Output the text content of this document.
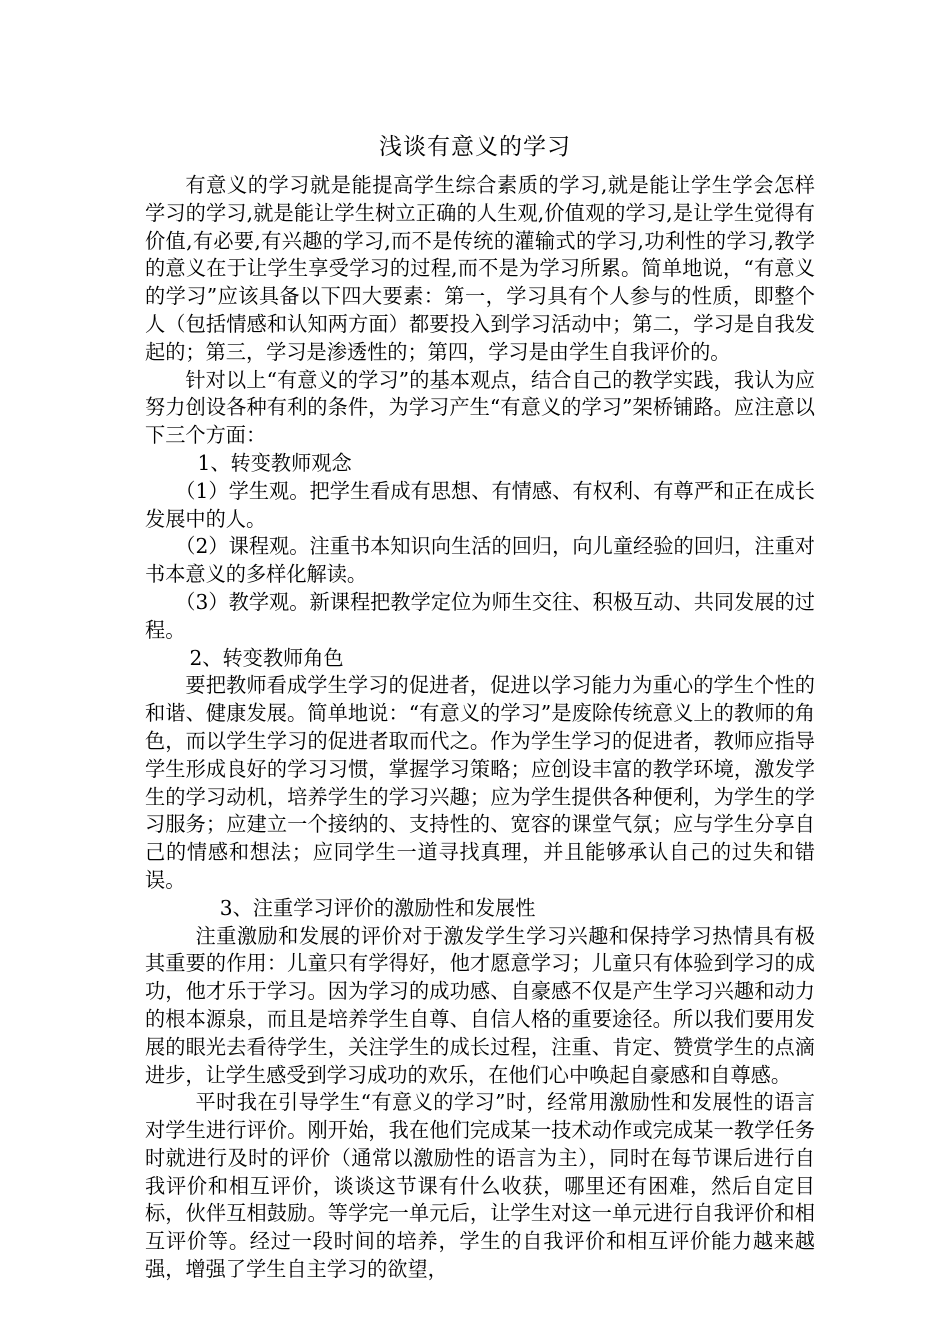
浅谈有意义的学习

有意义的学习就是能提高学生综合素质的学习,就是能让学生学会怎样学习的学习,就是能让学生树立正确的人生观,价值观的学习,是让学生觉得有价值,有必要,有兴趣的学习,而不是传统的灌输式的学习,功利性的学习,教学的意义在于让学生享受学习的过程,而不是为学习所累。简单地说，“有意义的学习”应该具备以下四大要素：第一，学习具有个人参与的性质，即整个人（包括情感和认知两方面）都要投入到学习活动中；第二，学习是自我发起的；第三，学习是渗透性的；第四，学习是由学生自我评价的。

针对以上“有意义的学习”的基本观点，结合自己的教学实践，我认为应努力创设各种有利的条件，为学习产生“有意义的学习”架桥铺路。应注意以下三个方面：

1、转变教师观念

（1）学生观。把学生看成有思想、有情感、有权利、有尊严和正在成长发展中的人。

（2）课程观。注重书本知识向生活的回归，向儿童经验的回归，注重对书本意义的多样化解读。

（3）教学观。新课程把教学定位为师生交往、积极互动、共同发展的过程。

2、转变教师角色

要把教师看成学生学习的促进者，促进以学习能力为重心的学生个性的和谐、健康发展。简单地说：“有意义的学习”是废除传统意义上的教师的角色，而以学生学习的促进者取而代之。作为学生学习的促进者，教师应指导学生形成良好的学习习惯，掌握学习策略；应创设丰富的教学环境，激发学生的学习动机，培养学生的学习兴趣；应为学生提供各种便利，为学生的学习服务；应建立一个接纳的、支持性的、宽容的课堂气氛；应与学生分享自己的情感和想法；应同学生一道寻找真理，并且能够承认自己的过失和错误。

3、注重学习评价的激励性和发展性

注重激励和发展的评价对于激发学生学习兴趣和保持学习热情具有极其重要的作用：儿童只有学得好，他才愿意学习；儿童只有体验到学习的成功，他才乐于学习。因为学习的成功感、自豪感不仅是产生学习兴趣和动力的根本源泉，而且是培养学生自尊、自信人格的重要途径。所以我们要用发展的眼光去看待学生，关注学生的成长过程，注重、肯定、赞赏学生的点滴进步，让学生感受到学习成功的欢乐，在他们心中唤起自豪感和自尊感。

平时我在引导学生“有意义的学习”时，经常用激励性和发展性的语言对学生进行评价。刚开始，我在他们完成某一技术动作或完成某一教学任务时就进行及时的评价（通常以激励性的语言为主），同时在每节课后进行自我评价和相互评价，谈谈这节课有什么收获，哪里还有困难，然后自定目标，伙伴互相鼓励。等学完一单元后，让学生对这一单元进行自我评价和相互评价等。经过一段时间的培养，学生的自我评价和相互评价能力越来越强，增强了学生自主学习的欲望，
